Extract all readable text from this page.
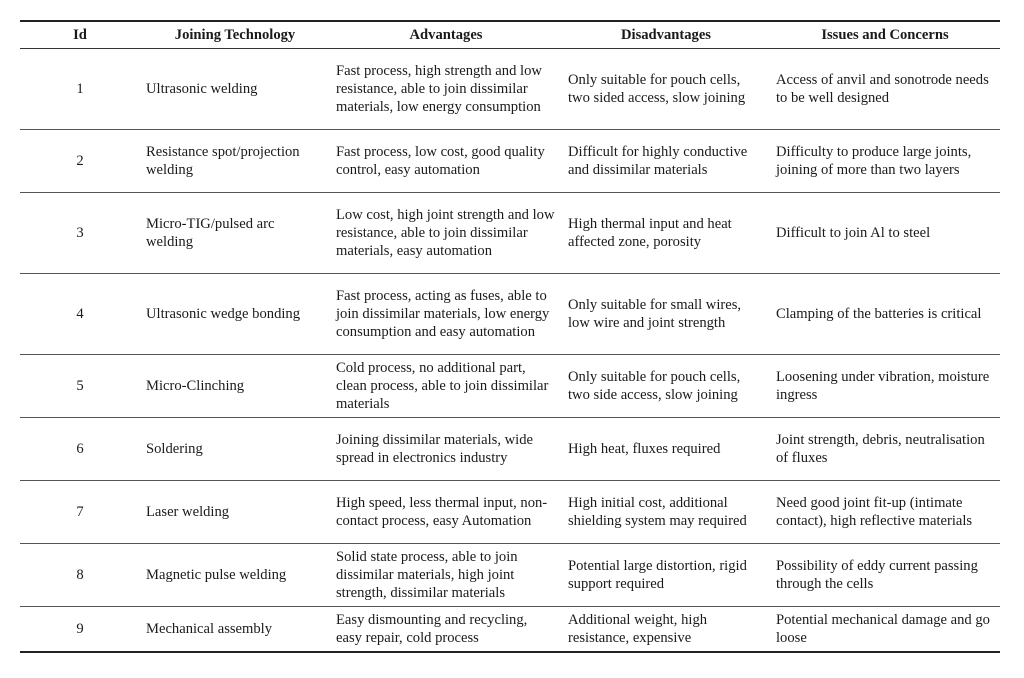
Id	Joining Technology	Advantages	Disadvantages	Issues and Concerns
1	Ultrasonic welding	Fast process, high strength and low resistance, able to join dissimilar materials, low energy consumption	Only suitable for pouch cells, two sided access, slow joining	Access of anvil and sonotrode needs to be well designed
2	Resistance spot/projection welding	Fast process, low cost, good quality control, easy automation	Difficult for highly conductive and dissimilar materials	Difficulty to produce large joints, joining of more than two layers
3	Micro-TIG/pulsed arc welding	Low cost, high joint strength and low resistance, able to join dissimilar materials, easy automation	High thermal input and heat affected zone, porosity	Difficult to join Al to steel
4	Ultrasonic wedge bonding	Fast process, acting as fuses, able to join dissimilar materials, low energy consumption and easy automation	Only suitable for small wires, low wire and joint strength	Clamping of the batteries is critical
5	Micro-Clinching	Cold process, no additional part, clean process, able to join dissimilar materials	Only suitable for pouch cells, two side access, slow joining	Loosening under vibration, moisture ingress
6	Soldering	Joining dissimilar materials, wide spread in electronics industry	High heat, fluxes required	Joint strength, debris, neutralisation of fluxes
7	Laser welding	High speed, less thermal input, non-contact process, easy Automation	High initial cost, additional shielding system may required	Need good joint fit-up (intimate contact), high reflective materials
8	Magnetic pulse welding	Solid state process, able to join dissimilar materials, high joint strength, dissimilar materials	Potential large distortion, rigid support required	Possibility of eddy current passing through the cells
9	Mechanical assembly	Easy dismounting and recycling, easy repair, cold process	Additional weight, high resistance, expensive	Potential mechanical damage and go loose
